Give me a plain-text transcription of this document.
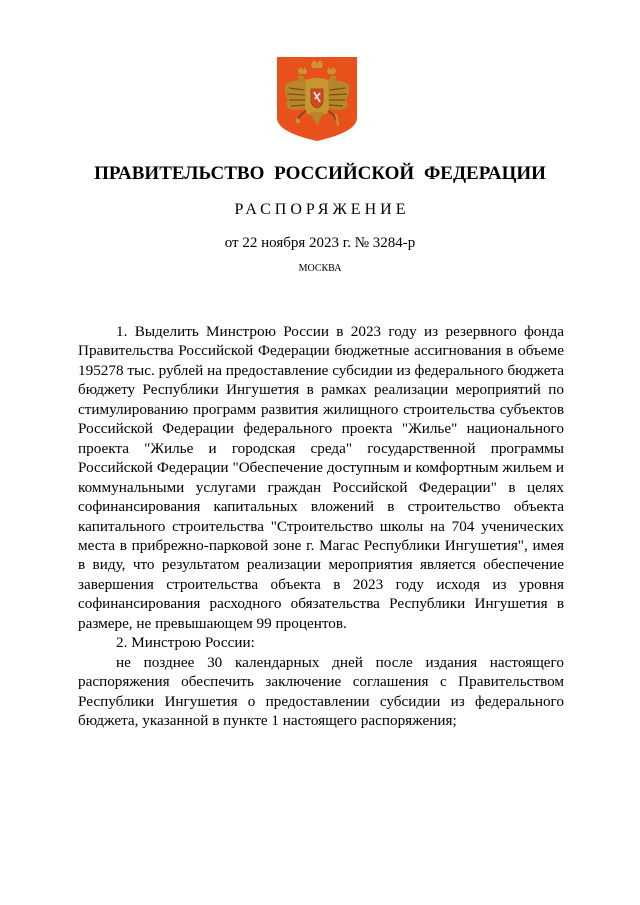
ПРАВИТЕЛЬСТВО РОССИЙСКОЙ ФЕДЕРАЦИИ
РАСПОРЯЖЕНИЕ
от 22 ноября 2023 г. № 3284-р
МОСКВА

1. Выделить Минстрою России в 2023 году из резервного фонда Правительства Российской Федерации бюджетные ассигнования в объеме 195278 тыс. рублей на предоставление субсидии из федерального бюджета бюджету Республики Ингушетия в рамках реализации мероприятий по стимулированию программ развития жилищного строительства субъектов Российской Федерации федерального проекта "Жилье" национального проекта "Жилье и городская среда" государственной программы Российской Федерации "Обеспечение доступным и комфортным жильем и коммунальными услугами граждан Российской Федерации" в целях софинансирования капитальных вложений в строительство объекта капитального строительства "Строительство школы на 704 ученических места в прибрежно-парковой зоне г. Магас Республики Ингушетия", имея в виду, что результатом реализации мероприятия является обеспечение завершения строительства объекта в 2023 году исходя из уровня софинансирования расходного обязательства Республики Ингушетия в размере, не превышающем 99 процентов.

2. Минстрою России:

не позднее 30 календарных дней после издания настоящего распоряжения обеспечить заключение соглашения с Правительством Республики Ингушетия о предоставлении субсидии из федерального бюджета, указанной в пункте 1 настоящего распоряжения;
